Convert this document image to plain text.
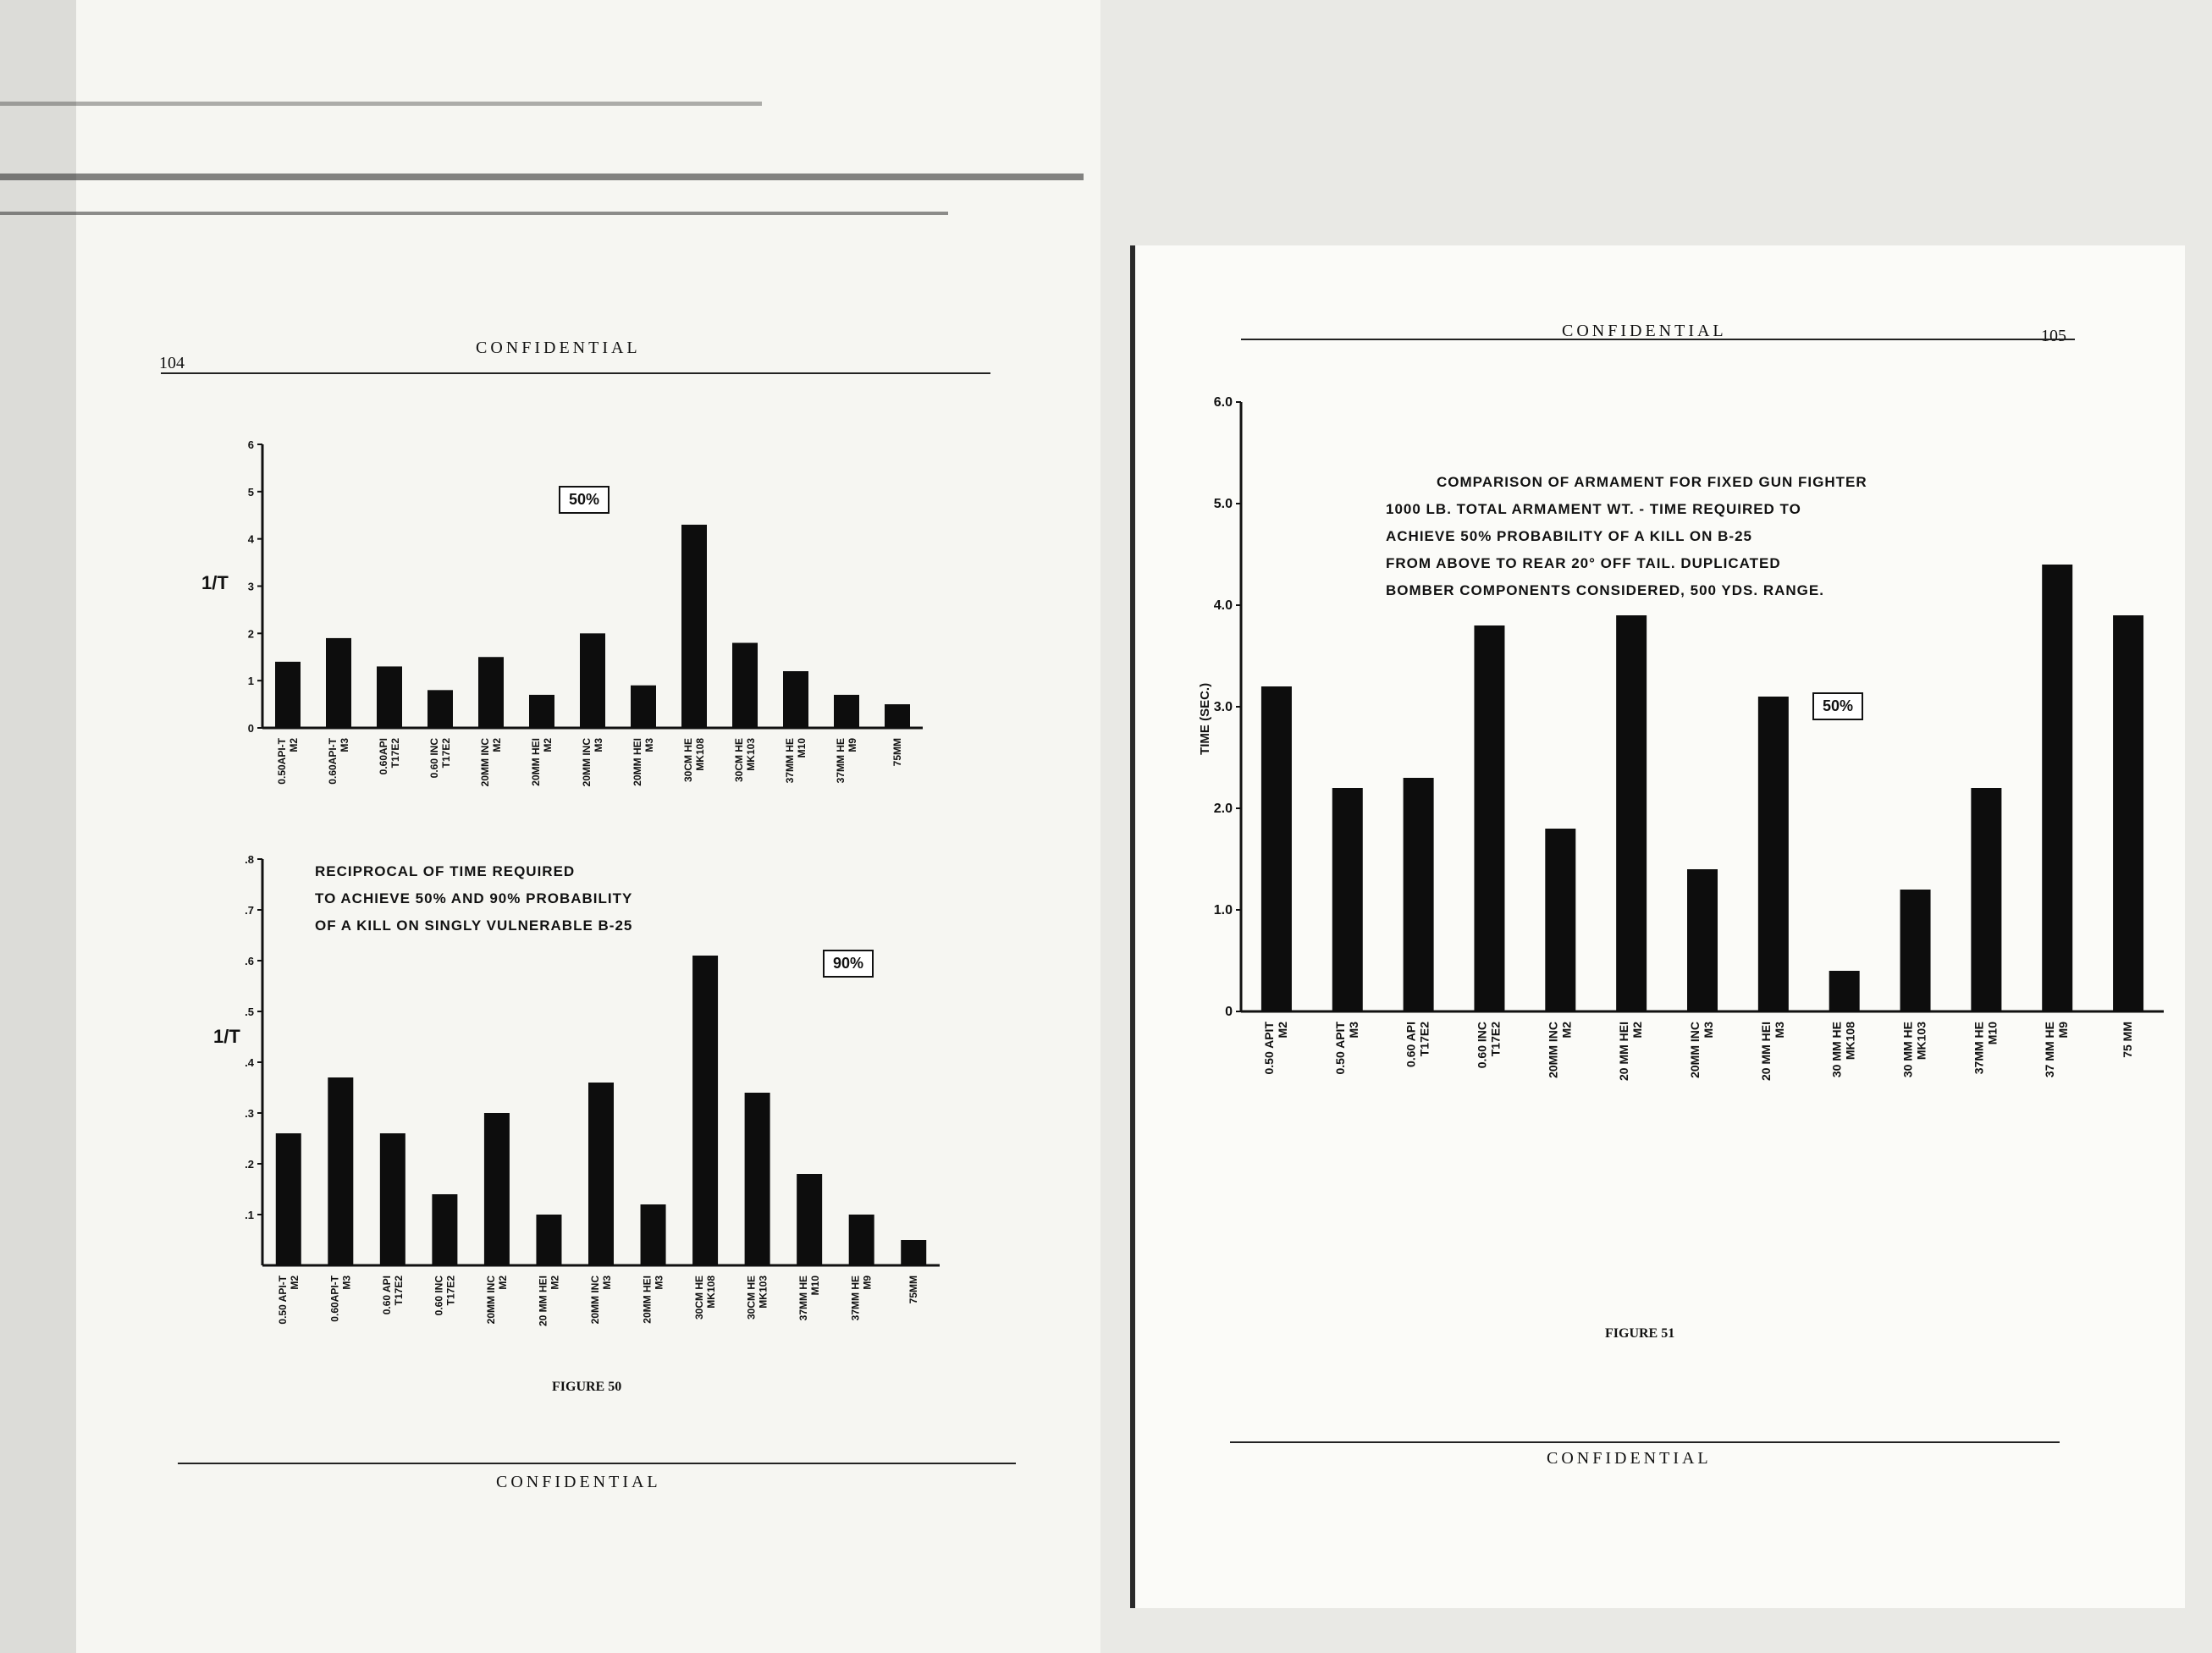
104
CONFIDENTIAL
1/T
1/T
0
1
2
3
4
5
6
0.50API-T M2	0.60API-T M3	0.60API T17E2	0.60 INC T17E2	20MM INC M2	20MM HEI M2	20MM INC M3	20MM HEI M3	30CM HE MK108	30CM HE MK103	37MM HE M10	37MM HE M9	75MM
50%
.1
.2
.3
.4
.5
.6
.7
.8
0.50 API-T M2	0.60API-T M3	0.60 API T17E2	0.60 INC T17E2	20MM INC M2	20 MM HEI M2	20MM INC M3	20MM HEI M3	30CM HE MK108	30CM HE MK103	37MM HE M10	37MM HE M9	75MM
RECIPROCAL OF TIME REQUIRED
TO ACHIEVE 50% AND 90% PROBABILITY
OF A KILL ON SINGLY VULNERABLE B-25
90%
FIGURE 50
CONFIDENTIAL
CONFIDENTIAL	105
0
1.0
2.0
3.0
4.0
5.0
6.0
0.50 APIT M2	0.50 APIT M3	0.60 API T17E2	0.60 INC T17E2	20MM INC M2	20 MM HEI M2	20MM INC M3	20 MM HEI M3	30 MM HE MK108	30 MM HE MK103	37MM HE M10	37 MM HE M9	75 MM
TIME (SEC.)
COMPARISON OF ARMAMENT FOR FIXED GUN FIGHTER
1000 LB. TOTAL ARMAMENT WT. - TIME REQUIRED TO
ACHIEVE 50% PROBABILITY OF A KILL ON B-25
FROM ABOVE TO REAR 20° OFF TAIL. DUPLICATED
BOMBER COMPONENTS CONSIDERED, 500 YDS. RANGE.
50%
FIGURE 51
CONFIDENTIAL
